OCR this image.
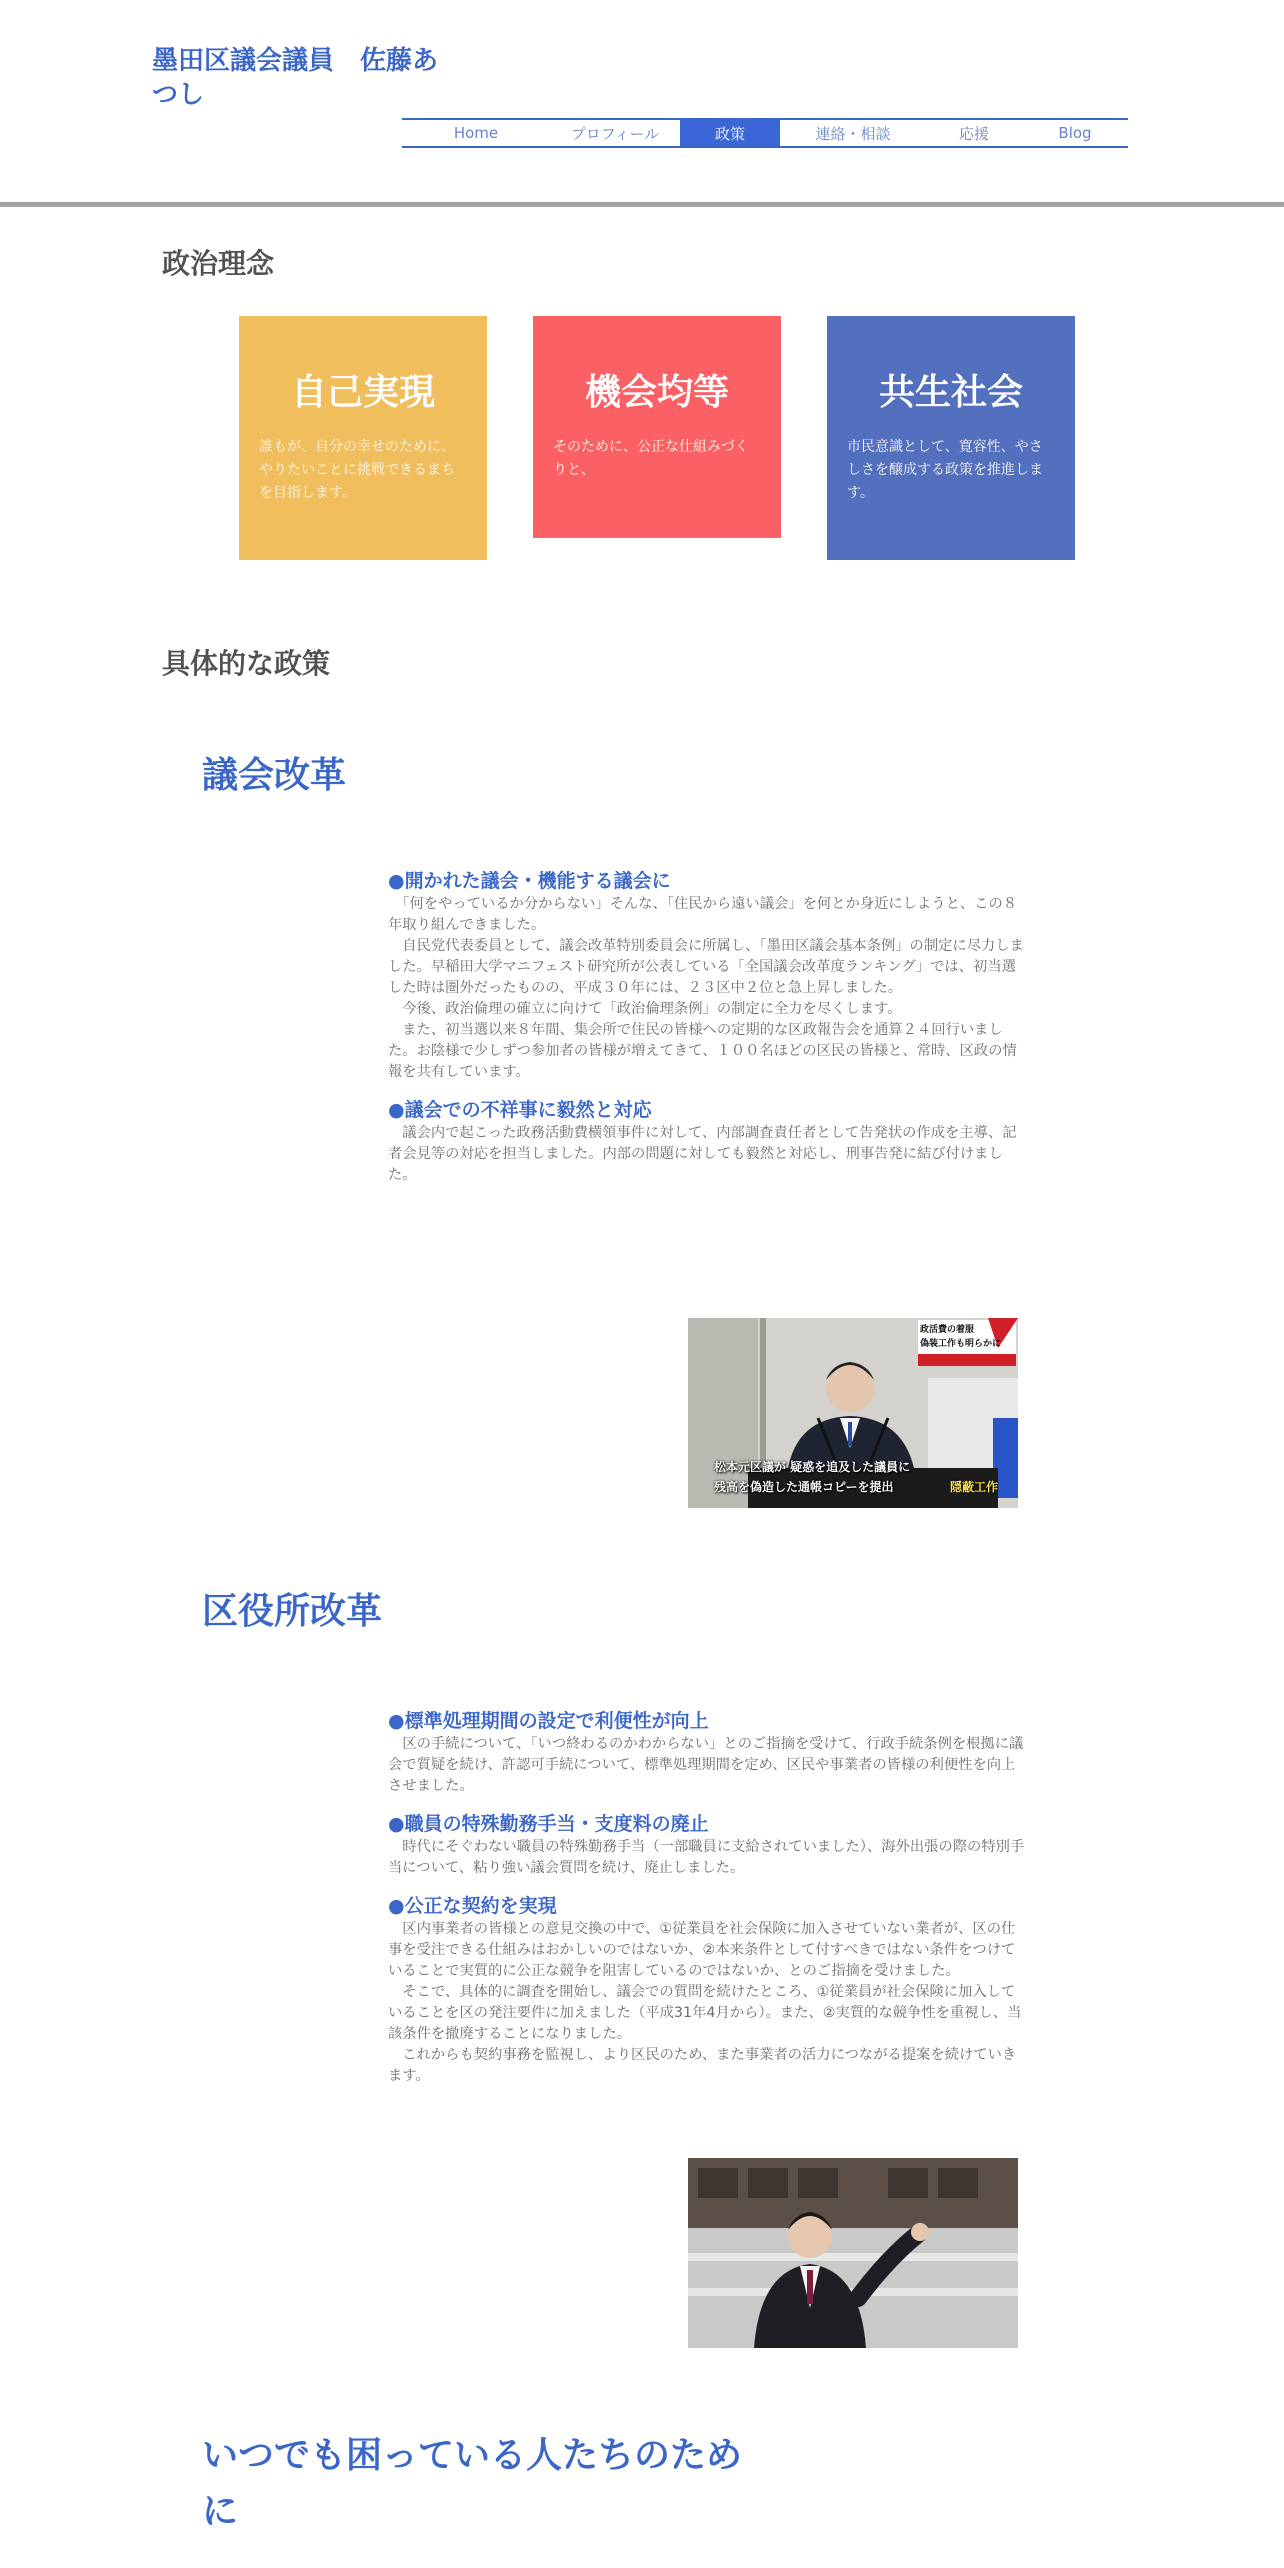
墨田区議会議員　佐藤あつし
Home	プロフィール	政策	連絡・相談	応援	Blog
政治理念
自己実現
誰もが、自分の幸せのために、やりたいことに挑戦できるまちを目指します。
機会均等
そのために、公正な仕組みづくりと、
共生社会
市民意識として、寛容性、やさしさを醸成する政策を推進します。
具体的な政策
議会改革
●開かれた議会・機能する議会に

　「何をやっているか分からない」そんな、「住民から遠い議会」を何とか身近にしようと、この８年取り組んできました。
　自民党代表委員として、議会改革特別委員会に所属し、「墨田区議会基本条例」の制定に尽力しました。早稲田大学マニフェスト研究所が公表している「全国議会改革度ランキング」では、初当選した時は圏外だったものの、平成３０年には、２３区中２位と急上昇しました。
　今後、政治倫理の確立に向けて「政治倫理条例」の制定に全力を尽くします。
　また、初当選以来８年間、集会所で住民の皆様への定期的な区政報告会を通算２４回行いました。お陰様で少しずつ参加者の皆様が増えてきて、１００名ほどの区民の皆様と、常時、区政の情報を共有しています。

●議会での不祥事に毅然と対応

　議会内で起こった政務活動費横領事件に対して、内部調査責任者として告発状の作成を主導、記者会見等の対応を担当しました。内部の問題に対しても毅然と対応し、刑事告発に結び付けました。

政活費の着服
偽装工作も明らかに
松本元区議が 疑惑を追及した議員に
残高を偽造した通帳コピーを提出	隠蔽工作
区役所改革
●標準処理期間の設定で利便性が向上

　区の手続について、「いつ終わるのかわからない」とのご指摘を受けて、行政手続条例を根拠に議会で質疑を続け、許認可手続について、標準処理期間を定め、区民や事業者の皆様の利便性を向上させました。

●職員の特殊勤務手当・支度料の廃止

　時代にそぐわない職員の特殊勤務手当（一部職員に支給されていました）、海外出張の際の特別手当について、粘り強い議会質問を続け、廃止しました。

●公正な契約を実現

　区内事業者の皆様との意見交換の中で、①従業員を社会保険に加入させていない業者が、区の仕事を受注できる仕組みはおかしいのではないか、②本来条件として付すべきではない条件をつけていることで実質的に公正な競争を阻害しているのではないか、とのご指摘を受けました。
　そこで、具体的に調査を開始し、議会での質問を続けたところ、①従業員が社会保険に加入していることを区の発注要件に加えました（平成31年4月から）。また、②実質的な競争性を重視し、当該条件を撤廃することになりました。
　これからも契約事務を監視し、より区民のため、また事業者の活力につながる提案を続けていきます。

いつでも困っている人たちのために
